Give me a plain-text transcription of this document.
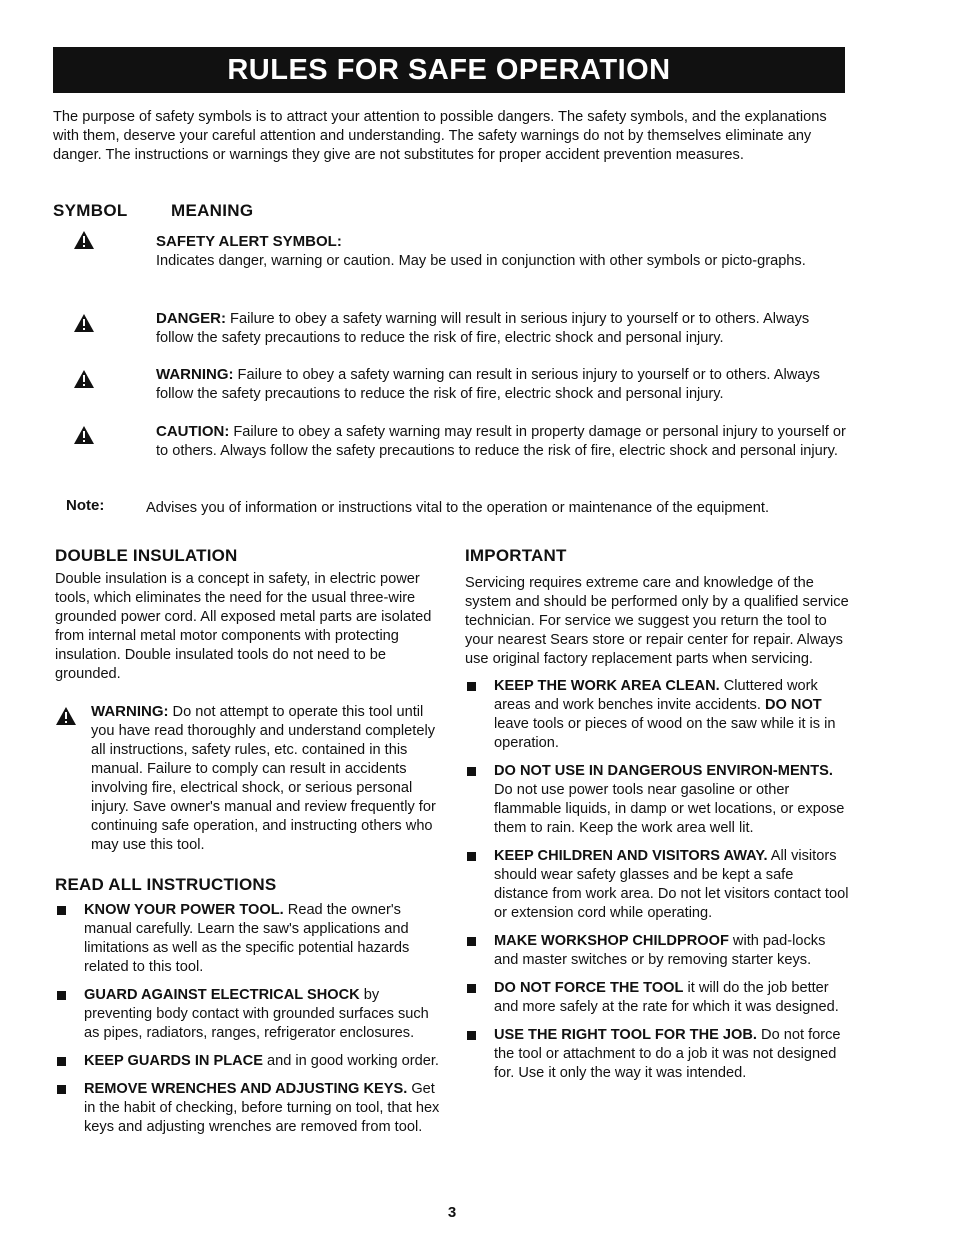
RULES FOR SAFE OPERATION

The purpose of safety symbols is to attract your attention to possible dangers. The safety symbols, and the explanations with them, deserve your careful attention and understanding. The safety warnings do not by themselves eliminate any danger. The instructions or warnings they give are not substitutes for proper accident prevention measures.

SYMBOL	MEANING

SAFETY ALERT SYMBOL:
Indicates danger, warning or caution. May be used in conjunction with other symbols or picto-graphs.

DANGER: Failure to obey a safety warning will result in serious injury to yourself or to others. Always follow the safety precautions to reduce the risk of fire, electric shock and personal injury.

WARNING: Failure to obey a safety warning can result in serious injury to yourself or to others. Always follow the safety precautions to reduce the risk of fire, electric shock and personal injury.

CAUTION: Failure to obey a safety warning may result in property damage or personal injury to yourself or to others. Always follow the safety precautions to reduce the risk of fire, electric shock and personal injury.

Note:	Advises you of information or instructions vital to the operation or maintenance of the equipment.

DOUBLE INSULATION

Double insulation is a concept in safety, in electric power tools, which eliminates the need for the usual three-wire grounded power cord. All exposed metal parts are isolated from internal metal motor components with protecting insulation. Double insulated tools do not need to be grounded.

WARNING: Do not attempt to operate this tool until you have read thoroughly and understand completely all instructions, safety rules, etc. contained in this manual. Failure to comply can result in accidents involving fire, electrical shock, or serious personal injury. Save owner's manual and review frequently for continuing safe operation, and instructing others who may use this tool.

READ ALL INSTRUCTIONS
KNOW YOUR POWER TOOL. Read the owner's manual carefully. Learn the saw's applications and limitations as well as the specific potential hazards related to this tool.
GUARD AGAINST ELECTRICAL SHOCK by preventing body contact with grounded surfaces such as pipes, radiators, ranges, refrigerator enclosures.
KEEP GUARDS IN PLACE and in good working order.
REMOVE WRENCHES AND ADJUSTING KEYS. Get in the habit of checking, before turning on tool, that hex keys and adjusting wrenches are removed from tool.
IMPORTANT

Servicing requires extreme care and knowledge of the system and should be performed only by a qualified service technician. For service we suggest you return the tool to your nearest Sears store or repair center for repair. Always use original factory replacement parts when servicing.

KEEP THE WORK AREA CLEAN. Cluttered work areas and work benches invite accidents. DO NOT leave tools or pieces of wood on the saw while it is in operation.
DO NOT USE IN DANGEROUS ENVIRON-MENTS. Do not use power tools near gasoline or other flammable liquids, in damp or wet locations, or expose them to rain. Keep the work area well lit.
KEEP CHILDREN AND VISITORS AWAY. All visitors should wear safety glasses and be kept a safe distance from work area. Do not let visitors contact tool or extension cord while operating.
MAKE WORKSHOP CHILDPROOF with pad-locks and master switches or by removing starter keys.
DO NOT FORCE THE TOOL it will do the job better and more safely at the rate for which it was designed.
USE THE RIGHT TOOL FOR THE JOB. Do not force the tool or attachment to do a job it was not designed for. Use it only the way it was intended.
3
